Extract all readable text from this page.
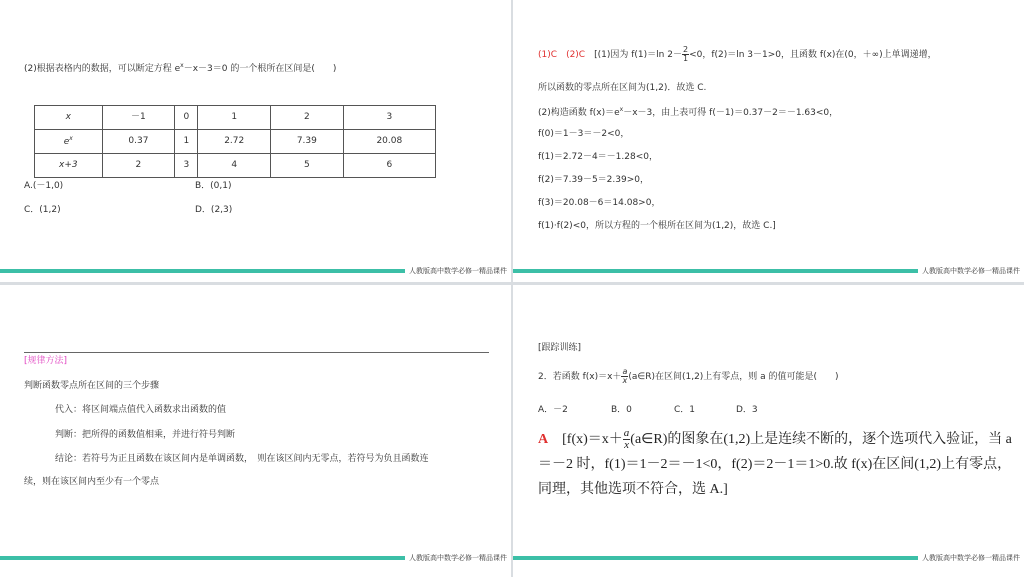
(2)根据表格内的数据，可以断定方程 $e^x-x-3=0$ 的一个根所在区间是(　　)
x	－1	0	1	2	3
$e^x$	0.37	1	2.72	7.39	20.08
x+3	2	3	4	5	6
A.(－1,0)	B．(0,1)
C．(1,2)	D．(2,3)
人教版高中数学必修一精品课件
(1)C　 (2)C　 [(1)因为 f(1)＝ln $2- \frac{2}{1} <0$，f(2)＝ln 3－1>0，且函数 f(x)在(0，＋∞)上单调递增，
所以函数的零点所在区间为(1,2)．故选 C.
(2)构造函数 $f(x)=e^x-x-3$，由上表可得 f(－1)＝0.37－2＝－1.63<0，
f(0)＝1－3＝－2<0，
f(1)＝2.72－4＝－1.28<0，
f(2)＝7.39－5＝2.39>0，
f(3)＝20.08－6＝14.08>0，
f(1)·f(2)<0，所以方程的一个根所在区间为(1,2)，故选 C.]
人教版高中数学必修一精品课件
[规律方法]
判断函数零点所在区间的三个步骤
代入：将区间端点值代入函数求出函数的值
判断：把所得的函数值相乘，并进行符号判断
结论：若符号为正且函数在该区间内是单调函数，　则在该区间内无零点，若符号为负且函数连
续，则在该区间内至少有一个零点
人教版高中数学必修一精品课件
[跟踪训练]
2．若函数 $f(x)=x+ \frac{a}{x}$ (a∈R)在区间(1,2)上有零点，则 a 的值可能是(　　)
A．－2	B．0	C．1	D．3
A　 [$f(x)=x+ \frac{a}{x}$ (a∈R)的图象在(1,2)上是连续不断的，逐个选项代入验证，当 a
＝－2 时，f(1)＝1－2＝－1<0，f(2)＝2－1＝1>0.故 f(x)在区间(1,2)上有零点，
同理，其他选项不符合，选 A.]
人教版高中数学必修一精品课件
